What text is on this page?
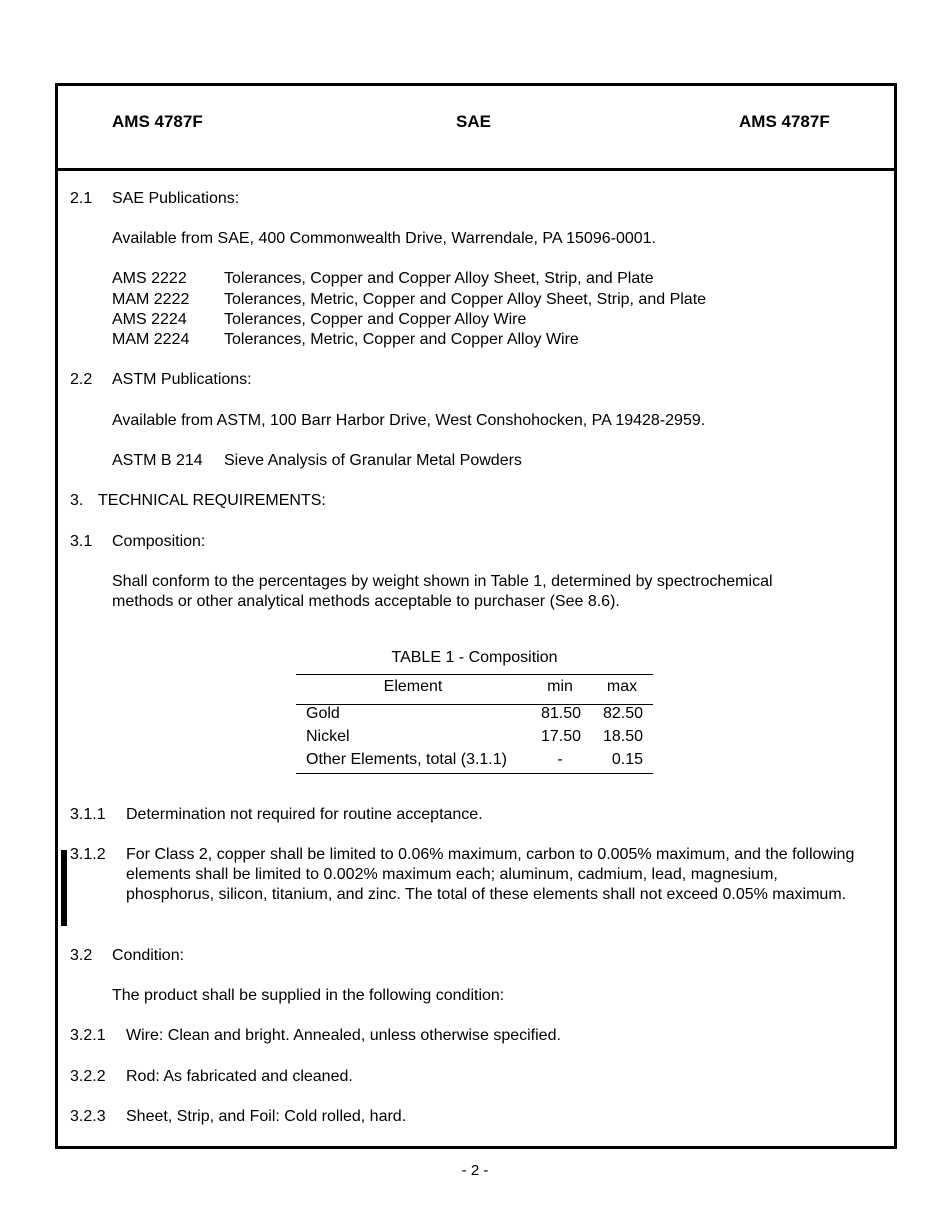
AMS 4787F	SAE	AMS 4787F
2.1 SAE Publications:
Available from SAE, 400 Commonwealth Drive, Warrendale, PA 15096-0001.
AMS 2222 Tolerances, Copper and Copper Alloy Sheet, Strip, and Plate
MAM 2222 Tolerances, Metric, Copper and Copper Alloy Sheet, Strip, and Plate
AMS 2224 Tolerances, Copper and Copper Alloy Wire
MAM 2224 Tolerances, Metric, Copper and Copper Alloy Wire
2.2 ASTM Publications:
Available from ASTM, 100 Barr Harbor Drive, West Conshohocken, PA 19428-2959.
ASTM B 214 Sieve Analysis of Granular Metal Powders
3. TECHNICAL REQUIREMENTS:
3.1 Composition:
Shall conform to the percentages by weight shown in Table 1, determined by spectrochemical methods or other analytical methods acceptable to purchaser (See 8.6).
TABLE 1 - Composition
Element	min	max
Gold	81.50	82.50
Nickel	17.50	18.50
Other Elements, total (3.1.1)	-	0.15
3.1.1 Determination not required for routine acceptance.
3.1.2 For Class 2, copper shall be limited to 0.06% maximum, carbon to 0.005% maximum, and the following elements shall be limited to 0.002% maximum each; aluminum, cadmium, lead, magnesium, phosphorus, silicon, titanium, and zinc. The total of these elements shall not exceed 0.05% maximum.
3.2 Condition:
The product shall be supplied in the following condition:
3.2.1 Wire: Clean and bright. Annealed, unless otherwise specified.
3.2.2 Rod: As fabricated and cleaned.
3.2.3 Sheet, Strip, and Foil: Cold rolled, hard.
- 2 -
